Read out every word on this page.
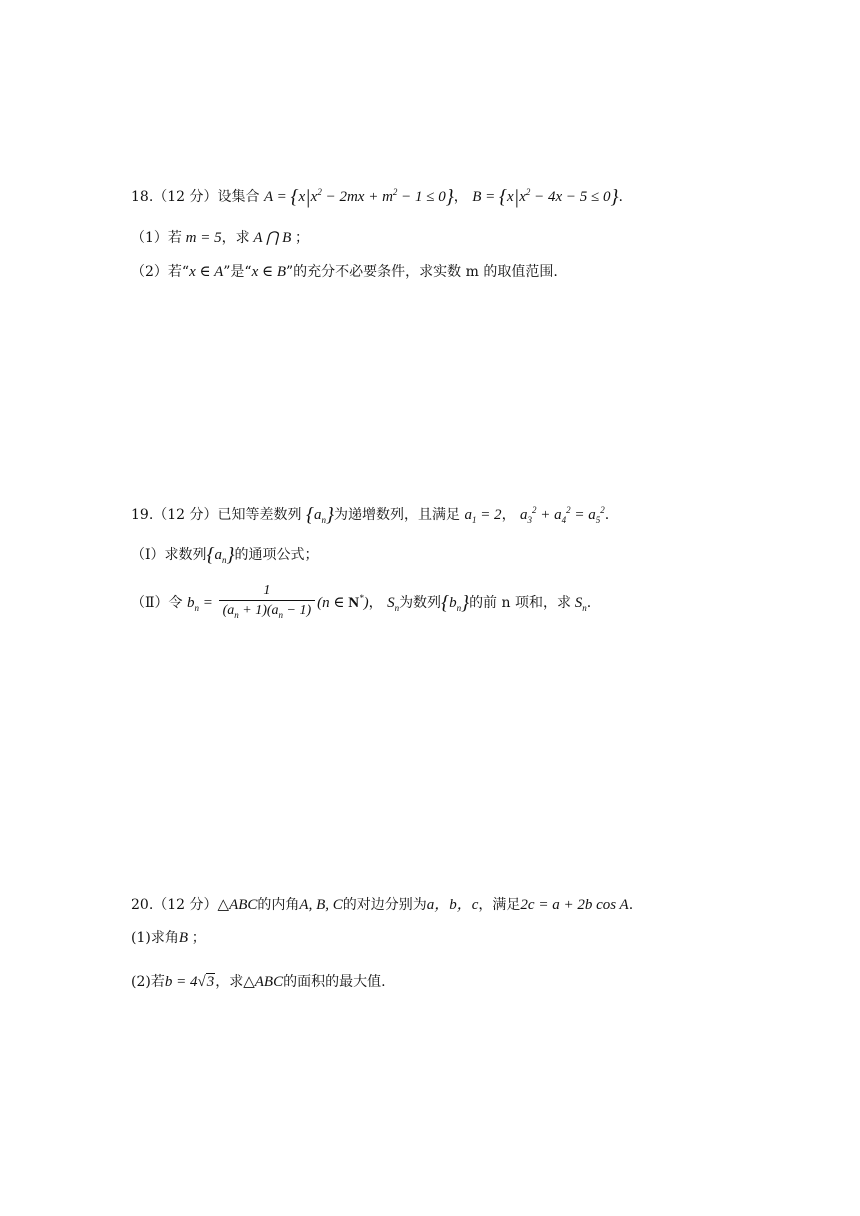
18.（12 分）设集合 $A = \{x|x^2 - 2mx + m^2 - 1 \le 0\}$， $B = \{x|x^2 - 4x - 5 \le 0\}$.
（1）若 m = 5，求 A ⋂ B ；
（2）若“x ∈ A”是“x ∈ B”的充分不必要条件，求实数 m 的取值范围.
19.（12 分）已知等差数列 $\{a_n\}$为递增数列，且满足 $a_1 = 2$， $a_3^2 + a_4^2 = a_5^2$.
（I）求数列$\{a_n\}$的通项公式；
（Ⅱ）令 $b_n = \frac{1}{(a_n + 1)(a_n - 1)} (n$ ∈ N*)， $S_n$为数列$\{b_n\}$的前 n 项和，求 $S_n$.
20.（12 分）△ABC的内角A, B, C的对边分别为a，b，c，满足2c = a + 2b cos A.
(1)求角B ；
(2)若b = 4√3，求△ABC的面积的最大值.
